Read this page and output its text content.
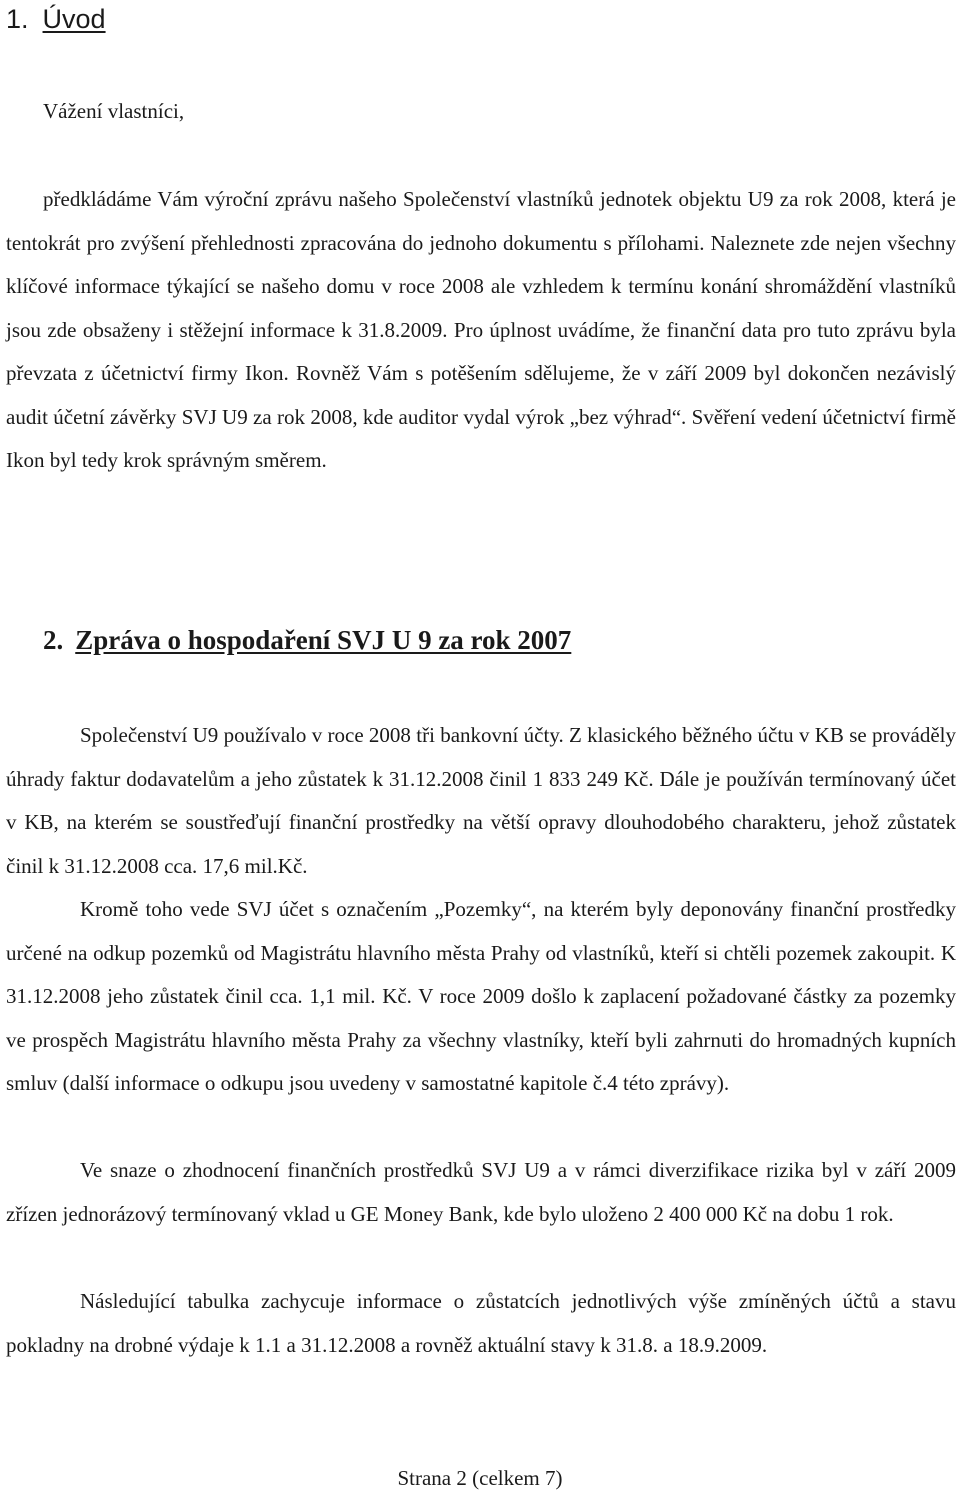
1. Úvod

Vážení vlastníci,

předkládáme Vám výroční zprávu našeho Společenství vlastníků jednotek objektu U9 za rok 2008, která je tentokrát pro zvýšení přehlednosti zpracována do jednoho dokumentu s přílohami. Naleznete zde nejen všechny klíčové informace týkající se našeho domu v roce 2008 ale vzhledem k termínu konání shromáždění vlastníků jsou zde obsaženy i stěžejní informace k 31.8.2009. Pro úplnost uvádíme, že finanční data pro tuto zprávu byla převzata z účetnictví firmy Ikon. Rovněž Vám s potěšením sdělujeme, že v září 2009 byl dokončen nezávislý audit účetní závěrky SVJ U9 za rok 2008, kde auditor vydal výrok „bez výhrad“. Svěření vedení účetnictví firmě Ikon byl tedy krok správným směrem.

2. Zpráva o hospodaření SVJ U 9 za rok 2007

Společenství U9 používalo v roce 2008 tři bankovní účty. Z klasického běžného účtu v KB se prováděly úhrady faktur dodavatelům a jeho zůstatek k 31.12.2008 činil 1 833 249 Kč. Dále je používán termínovaný účet v KB, na kterém se soustřeďují finanční prostředky na větší opravy dlouhodobého charakteru, jehož zůstatek činil k 31.12.2008 cca. 17,6 mil.Kč.

Kromě toho vede SVJ účet s označením „Pozemky“, na kterém byly deponovány finanční prostředky určené na odkup pozemků od Magistrátu hlavního města Prahy od vlastníků, kteří si chtěli pozemek zakoupit. K 31.12.2008 jeho zůstatek činil cca. 1,1 mil. Kč. V roce 2009 došlo k zaplacení požadované částky za pozemky ve prospěch Magistrátu hlavního města Prahy za všechny vlastníky, kteří byli zahrnuti do hromadných kupních smluv (další informace o odkupu jsou uvedeny v samostatné kapitole č.4 této zprávy).

Ve snaze o zhodnocení finančních prostředků SVJ U9 a v rámci diverzifikace rizika byl v září 2009 zřízen jednorázový termínovaný vklad u GE Money Bank, kde bylo uloženo 2 400 000 Kč na dobu 1 rok.

Následující tabulka zachycuje informace o zůstatcích jednotlivých výše zmíněných účtů a stavu pokladny na drobné výdaje k 1.1 a 31.12.2008 a rovněž aktuální stavy k 31.8. a 18.9.2009.

Strana 2 (celkem 7)
